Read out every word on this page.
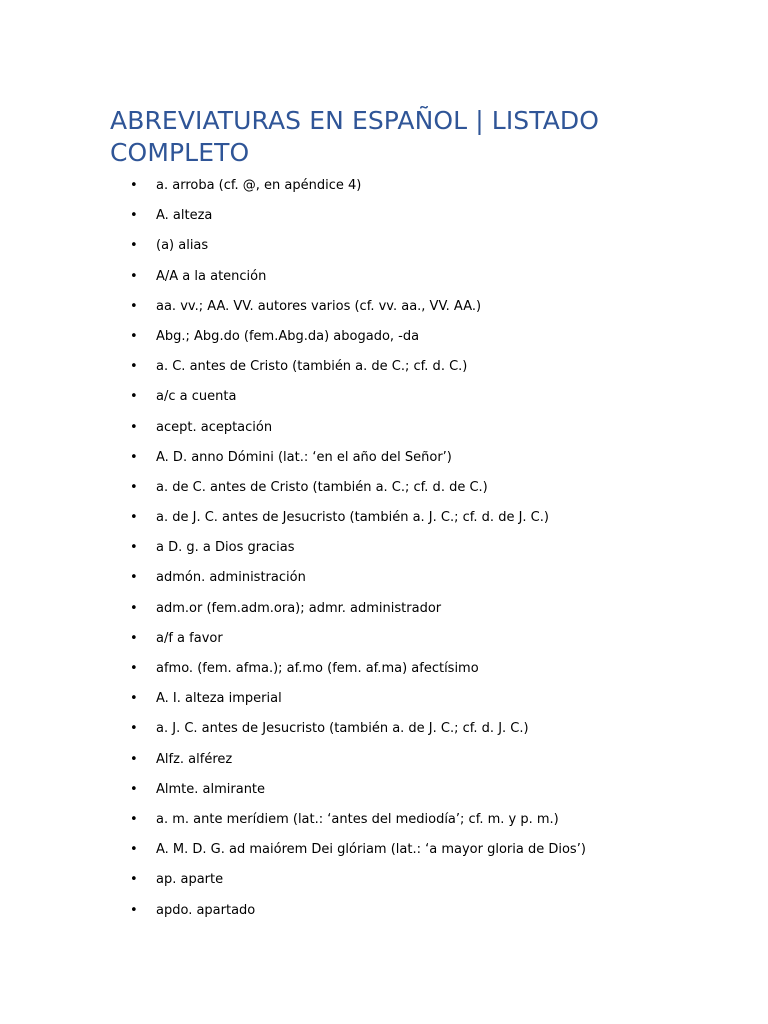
ABREVIATURAS EN ESPAÑOL | LISTADO COMPLETO
• a. arroba (cf. @, en apéndice 4)
• A. alteza
• (a) alias
• A/A a la atención
• aa. vv.; AA. VV. autores varios (cf. vv. aa., VV. AA.)
• Abg.; Abg.do (fem.Abg.da) abogado, -da
• a. C. antes de Cristo (también a. de C.; cf. d. C.)
• a/c a cuenta
• acept. aceptación
• A. D. anno Dómini (lat.: ‘en el año del Señor’)
• a. de C. antes de Cristo (también a. C.; cf. d. de C.)
• a. de J. C. antes de Jesucristo (también a. J. C.; cf. d. de J. C.)
• a D. g. a Dios gracias
• admón. administración
• adm.or (fem.adm.ora); admr. administrador
• a/f a favor
• afmo. (fem. afma.); af.mo (fem. af.ma) afectísimo
• A. I. alteza imperial
• a. J. C. antes de Jesucristo (también a. de J. C.; cf. d. J. C.)
• Alfz. alférez
• Almte. almirante
• a. m. ante merídiem (lat.: ‘antes del mediodía’; cf. m. y p. m.)
• A. M. D. G. ad maiórem Dei glóriam (lat.: ‘a mayor gloria de Dios’)
• ap. aparte
• apdo. apartado
